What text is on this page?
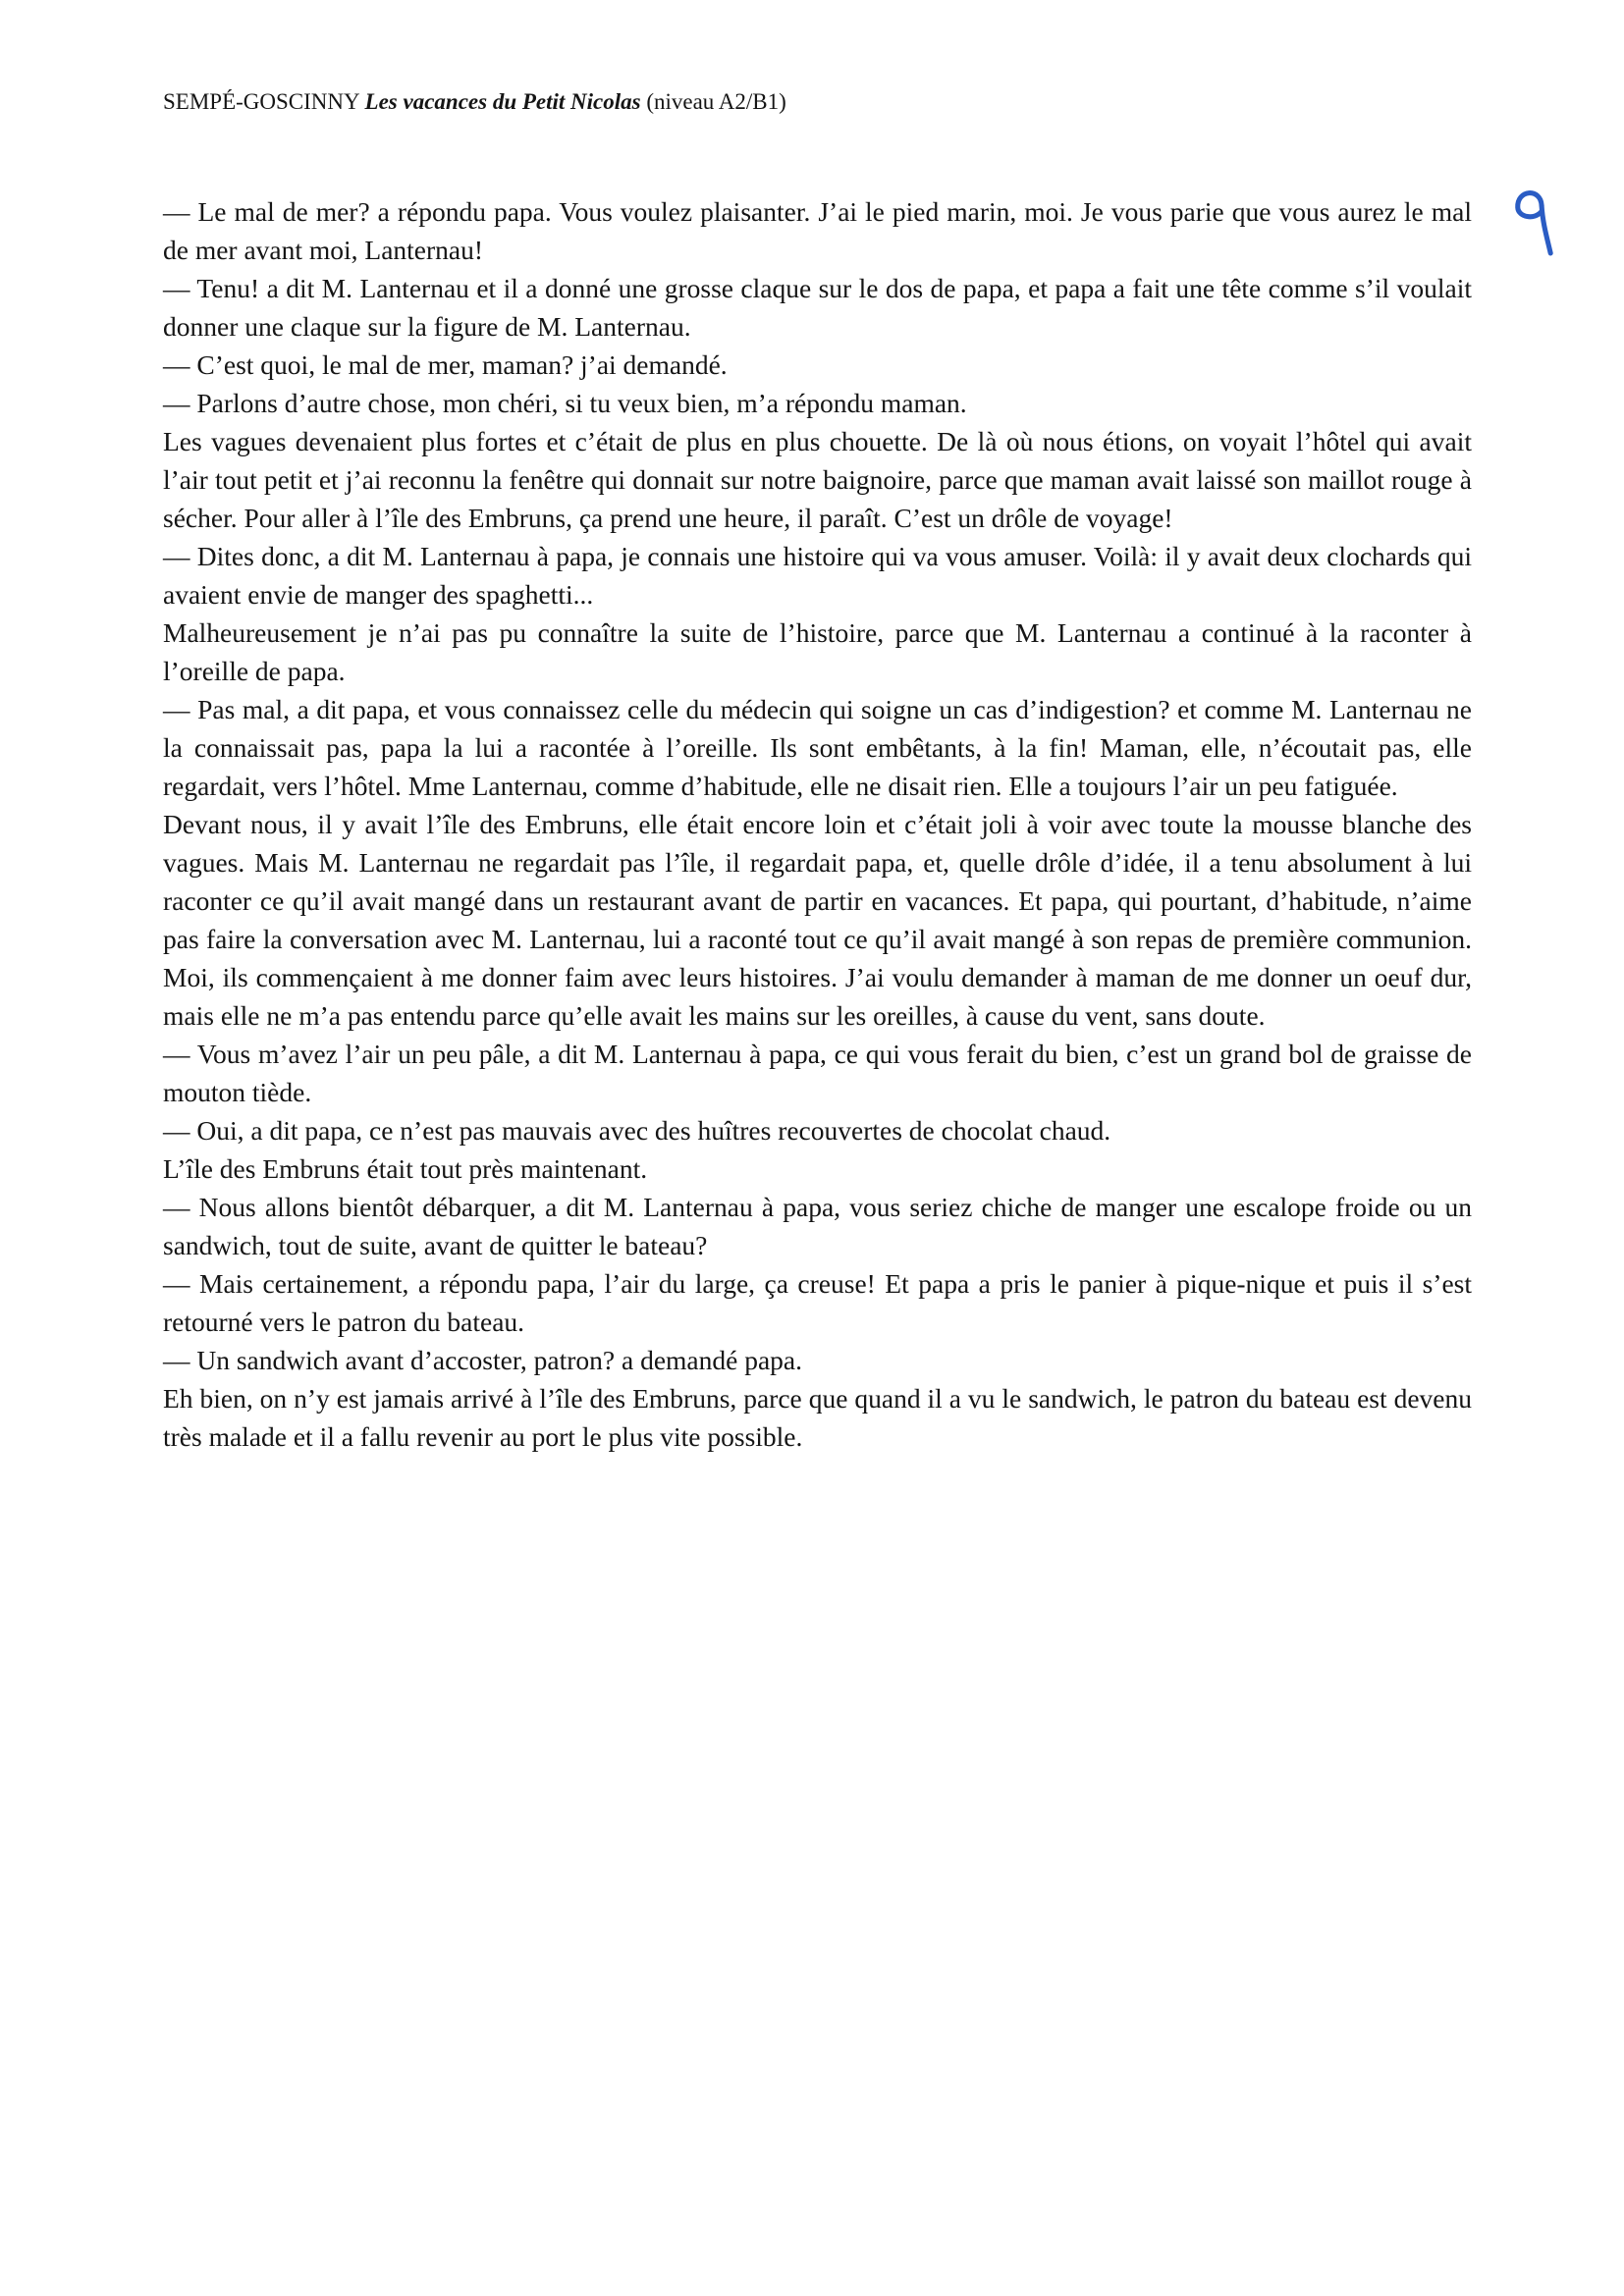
SEMPÉ-GOSCINNY Les vacances du Petit Nicolas (niveau A2/B1)

— Le mal de mer? a répondu papa. Vous voulez plaisanter. J’ai le pied marin, moi. Je vous parie que vous aurez le mal de mer avant moi, Lanternau!

— Tenu! a dit M. Lanternau et il a donné une grosse claque sur le dos de papa, et papa a fait une tête comme s’il voulait donner une claque sur la figure de M. Lanternau.

— C’est quoi, le mal de mer, maman? j’ai demandé.

— Parlons d’autre chose, mon chéri, si tu veux bien, m’a répondu maman.

Les vagues devenaient plus fortes et c’était de plus en plus chouette. De là où nous étions, on voyait l’hôtel qui avait l’air tout petit et j’ai reconnu la fenêtre qui donnait sur notre baignoire, parce que maman avait laissé son maillot rouge à sécher. Pour aller à l’île des Embruns, ça prend une heure, il paraît. C’est un drôle de voyage!

— Dites donc, a dit M. Lanternau à papa, je connais une histoire qui va vous amuser. Voilà: il y avait deux clochards qui avaient envie de manger des spaghetti...

Malheureusement je n’ai pas pu connaître la suite de l’histoire, parce que M. Lanternau a continué à la raconter à l’oreille de papa.

— Pas mal, a dit papa, et vous connaissez celle du médecin qui soigne un cas d’indigestion? et comme M. Lanternau ne la connaissait pas, papa la lui a racontée à l’oreille. Ils sont embêtants, à la fin! Maman, elle, n’écoutait pas, elle regardait, vers l’hôtel. Mme Lanternau, comme d’habitude, elle ne disait rien. Elle a toujours l’air un peu fatiguée.

Devant nous, il y avait l’île des Embruns, elle était encore loin et c’était joli à voir avec toute la mousse blanche des vagues. Mais M. Lanternau ne regardait pas l’île, il regardait papa, et, quelle drôle d’idée, il a tenu absolument à lui raconter ce qu’il avait mangé dans un restaurant avant de partir en vacances. Et papa, qui pourtant, d’habitude, n’aime pas faire la conversation avec M. Lanternau, lui a raconté tout ce qu’il avait mangé à son repas de première communion. Moi, ils commençaient à me donner faim avec leurs histoires. J’ai voulu demander à maman de me donner un oeuf dur, mais elle ne m’a pas entendu parce qu’elle avait les mains sur les oreilles, à cause du vent, sans doute.

— Vous m’avez l’air un peu pâle, a dit M. Lanternau à papa, ce qui vous ferait du bien, c’est un grand bol de graisse de mouton tiède.

— Oui, a dit papa, ce n’est pas mauvais avec des huîtres recouvertes de chocolat chaud.

L’île des Embruns était tout près maintenant.

— Nous allons bientôt débarquer, a dit M. Lanternau à papa, vous seriez chiche de manger une escalope froide ou un sandwich, tout de suite, avant de quitter le bateau?

— Mais certainement, a répondu papa, l’air du large, ça creuse! Et papa a pris le panier à pique-nique et puis il s’est retourné vers le patron du bateau.

— Un sandwich avant d’accoster, patron? a demandé papa.

Eh bien, on n’y est jamais arrivé à l’île des Embruns, parce que quand il a vu le sandwich, le patron du bateau est devenu très malade et il a fallu revenir au port le plus vite possible.
